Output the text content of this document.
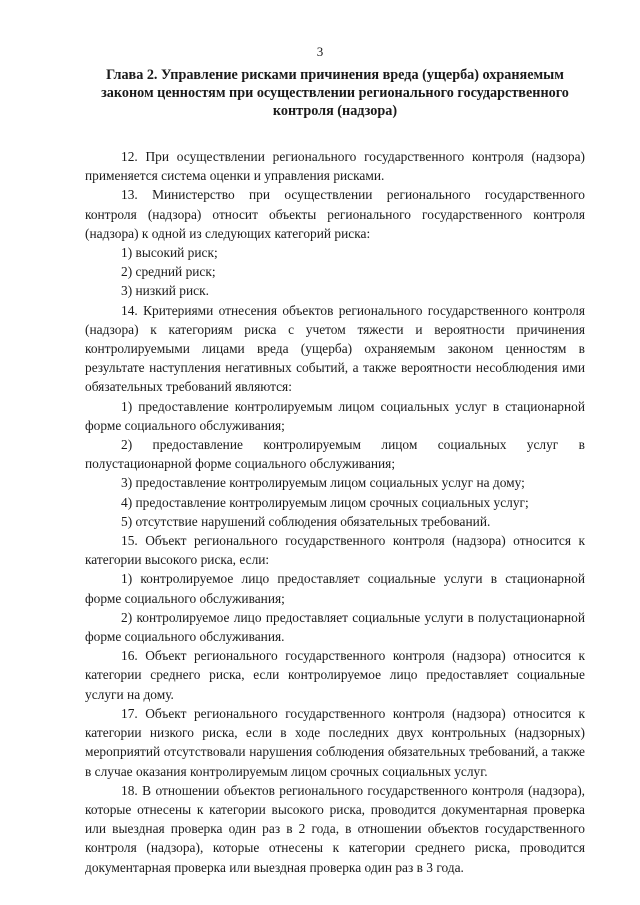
3
Глава 2. Управление рисками причинения вреда (ущерба) охраняемым законом ценностям при осуществлении регионального государственного контроля (надзора)

12. При осуществлении регионального государственного контроля (надзора) применяется система оценки и управления рисками.

13. Министерство при осуществлении регионального государственного контроля (надзора) относит объекты регионального государственного контроля (надзора) к одной из следующих категорий риска:

1) высокий риск;

2) средний риск;

3) низкий риск.

14. Критериями отнесения объектов регионального государственного контроля (надзора) к категориям риска с учетом тяжести и вероятности причинения контролируемыми лицами вреда (ущерба) охраняемым законом ценностям в результате наступления негативных событий, а также вероятности несоблюдения ими обязательных требований являются:

1) предоставление контролируемым лицом социальных услуг в стационарной форме социального обслуживания;

2) предоставление контролируемым лицом социальных услуг в полустационарной форме социального обслуживания;

3) предоставление контролируемым лицом социальных услуг на дому;

4) предоставление контролируемым лицом срочных социальных услуг;

5) отсутствие нарушений соблюдения обязательных требований.

15. Объект регионального государственного контроля (надзора) относится к категории высокого риска, если:

1) контролируемое лицо предоставляет социальные услуги в стационарной форме социального обслуживания;

2) контролируемое лицо предоставляет социальные услуги в полустационарной форме социального обслуживания.

16. Объект регионального государственного контроля (надзора) относится к категории среднего риска, если контролируемое лицо предоставляет социальные услуги на дому.

17. Объект регионального государственного контроля (надзора) относится к категории низкого риска, если в ходе последних двух контрольных (надзорных) мероприятий отсутствовали нарушения соблюдения обязательных требований, а также в случае оказания контролируемым лицом срочных социальных услуг.

18. В отношении объектов регионального государственного контроля (надзора), которые отнесены к категории высокого риска, проводится документарная проверка или выездная проверка один раз в 2 года, в отношении объектов государственного контроля (надзора), которые отнесены к категории среднего риска, проводится документарная проверка или выездная проверка один раз в 3 года.
